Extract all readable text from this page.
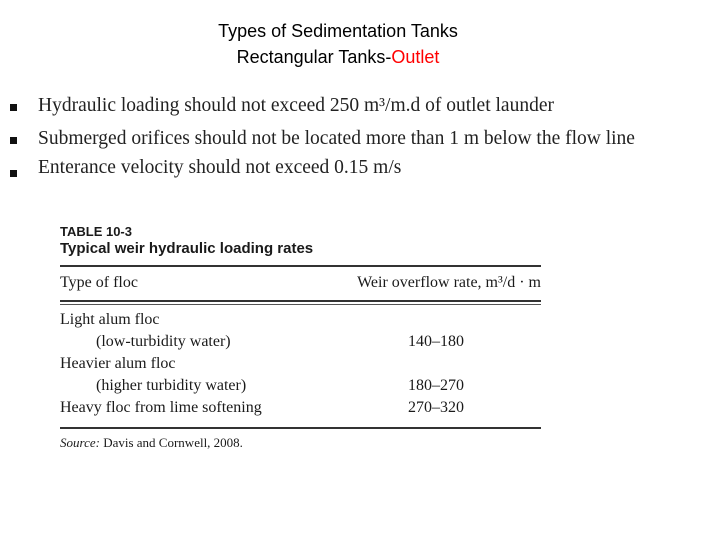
Types of Sedimentation Tanks
Rectangular Tanks-Outlet
Hydraulic loading should not exceed 250 m³/m.d of outlet launder
Submerged orifices should not be located more than 1 m below the flow line
Enterance velocity should not exceed 0.15 m/s
TABLE 10-3
Typical weir hydraulic loading rates
Type of floc	Weir overflow rate, m³/d · m
Light alum floc
(low-turbidity water)	140–180
Heavier alum floc
(higher turbidity water)	180–270
Heavy floc from lime softening	270–320
Source: Davis and Cornwell, 2008.
